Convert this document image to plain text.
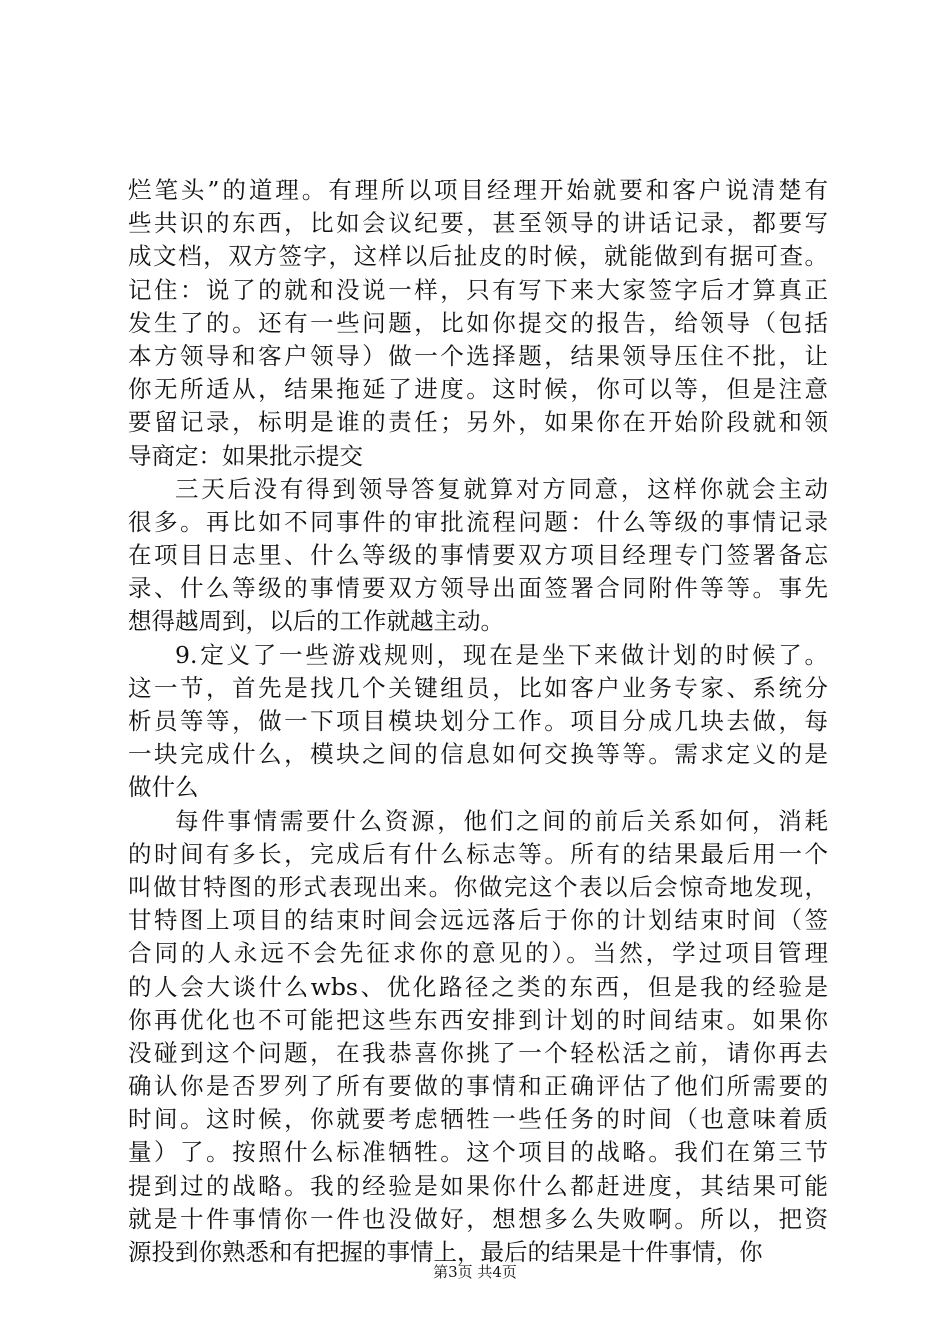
烂笔头”的道理。有理所以项目经理开始就要和客户说清楚有
些共识的东西，比如会议纪要，甚至领导的讲话记录，都要写
成文档，双方签字，这样以后扯皮的时候，就能做到有据可查。
记住：说了的就和没说一样，只有写下来大家签字后才算真正
发生了的。还有一些问题，比如你提交的报告，给领导（包括
本方领导和客户领导）做一个选择题，结果领导压住不批，让
你无所适从，结果拖延了进度。这时候，你可以等，但是注意
要留记录，标明是谁的责任；另外，如果你在开始阶段就和领
导商定：如果批示提交
三天后没有得到领导答复就算对方同意，这样你就会主动
很多。再比如不同事件的审批流程问题：什么等级的事情记录
在项目日志里、什么等级的事情要双方项目经理专门签署备忘
录、什么等级的事情要双方领导出面签署合同附件等等。事先
想得越周到，以后的工作就越主动。
9.定义了一些游戏规则，现在是坐下来做计划的时候了。
这一节，首先是找几个关键组员，比如客户业务专家、系统分
析员等等，做一下项目模块划分工作。项目分成几块去做，每
一块完成什么，模块之间的信息如何交换等等。需求定义的是
做什么
每件事情需要什么资源，他们之间的前后关系如何，消耗
的时间有多长，完成后有什么标志等。所有的结果最后用一个
叫做甘特图的形式表现出来。你做完这个表以后会惊奇地发现，
甘特图上项目的结束时间会远远落后于你的计划结束时间（签
合同的人永远不会先征求你的意见的）。当然，学过项目管理
的人会大谈什么wbs、优化路径之类的东西，但是我的经验是
你再优化也不可能把这些东西安排到计划的时间结束。如果你
没碰到这个问题，在我恭喜你挑了一个轻松活之前，请你再去
确认你是否罗列了所有要做的事情和正确评估了他们所需要的
时间。这时候，你就要考虑牺牲一些任务的时间（也意味着质
量）了。按照什么标准牺牲。这个项目的战略。我们在第三节
提到过的战略。我的经验是如果你什么都赶进度，其结果可能
就是十件事情你一件也没做好，想想多么失败啊。所以，把资
源投到你熟悉和有把握的事情上，最后的结果是十件事情，你
第3页 共4页
